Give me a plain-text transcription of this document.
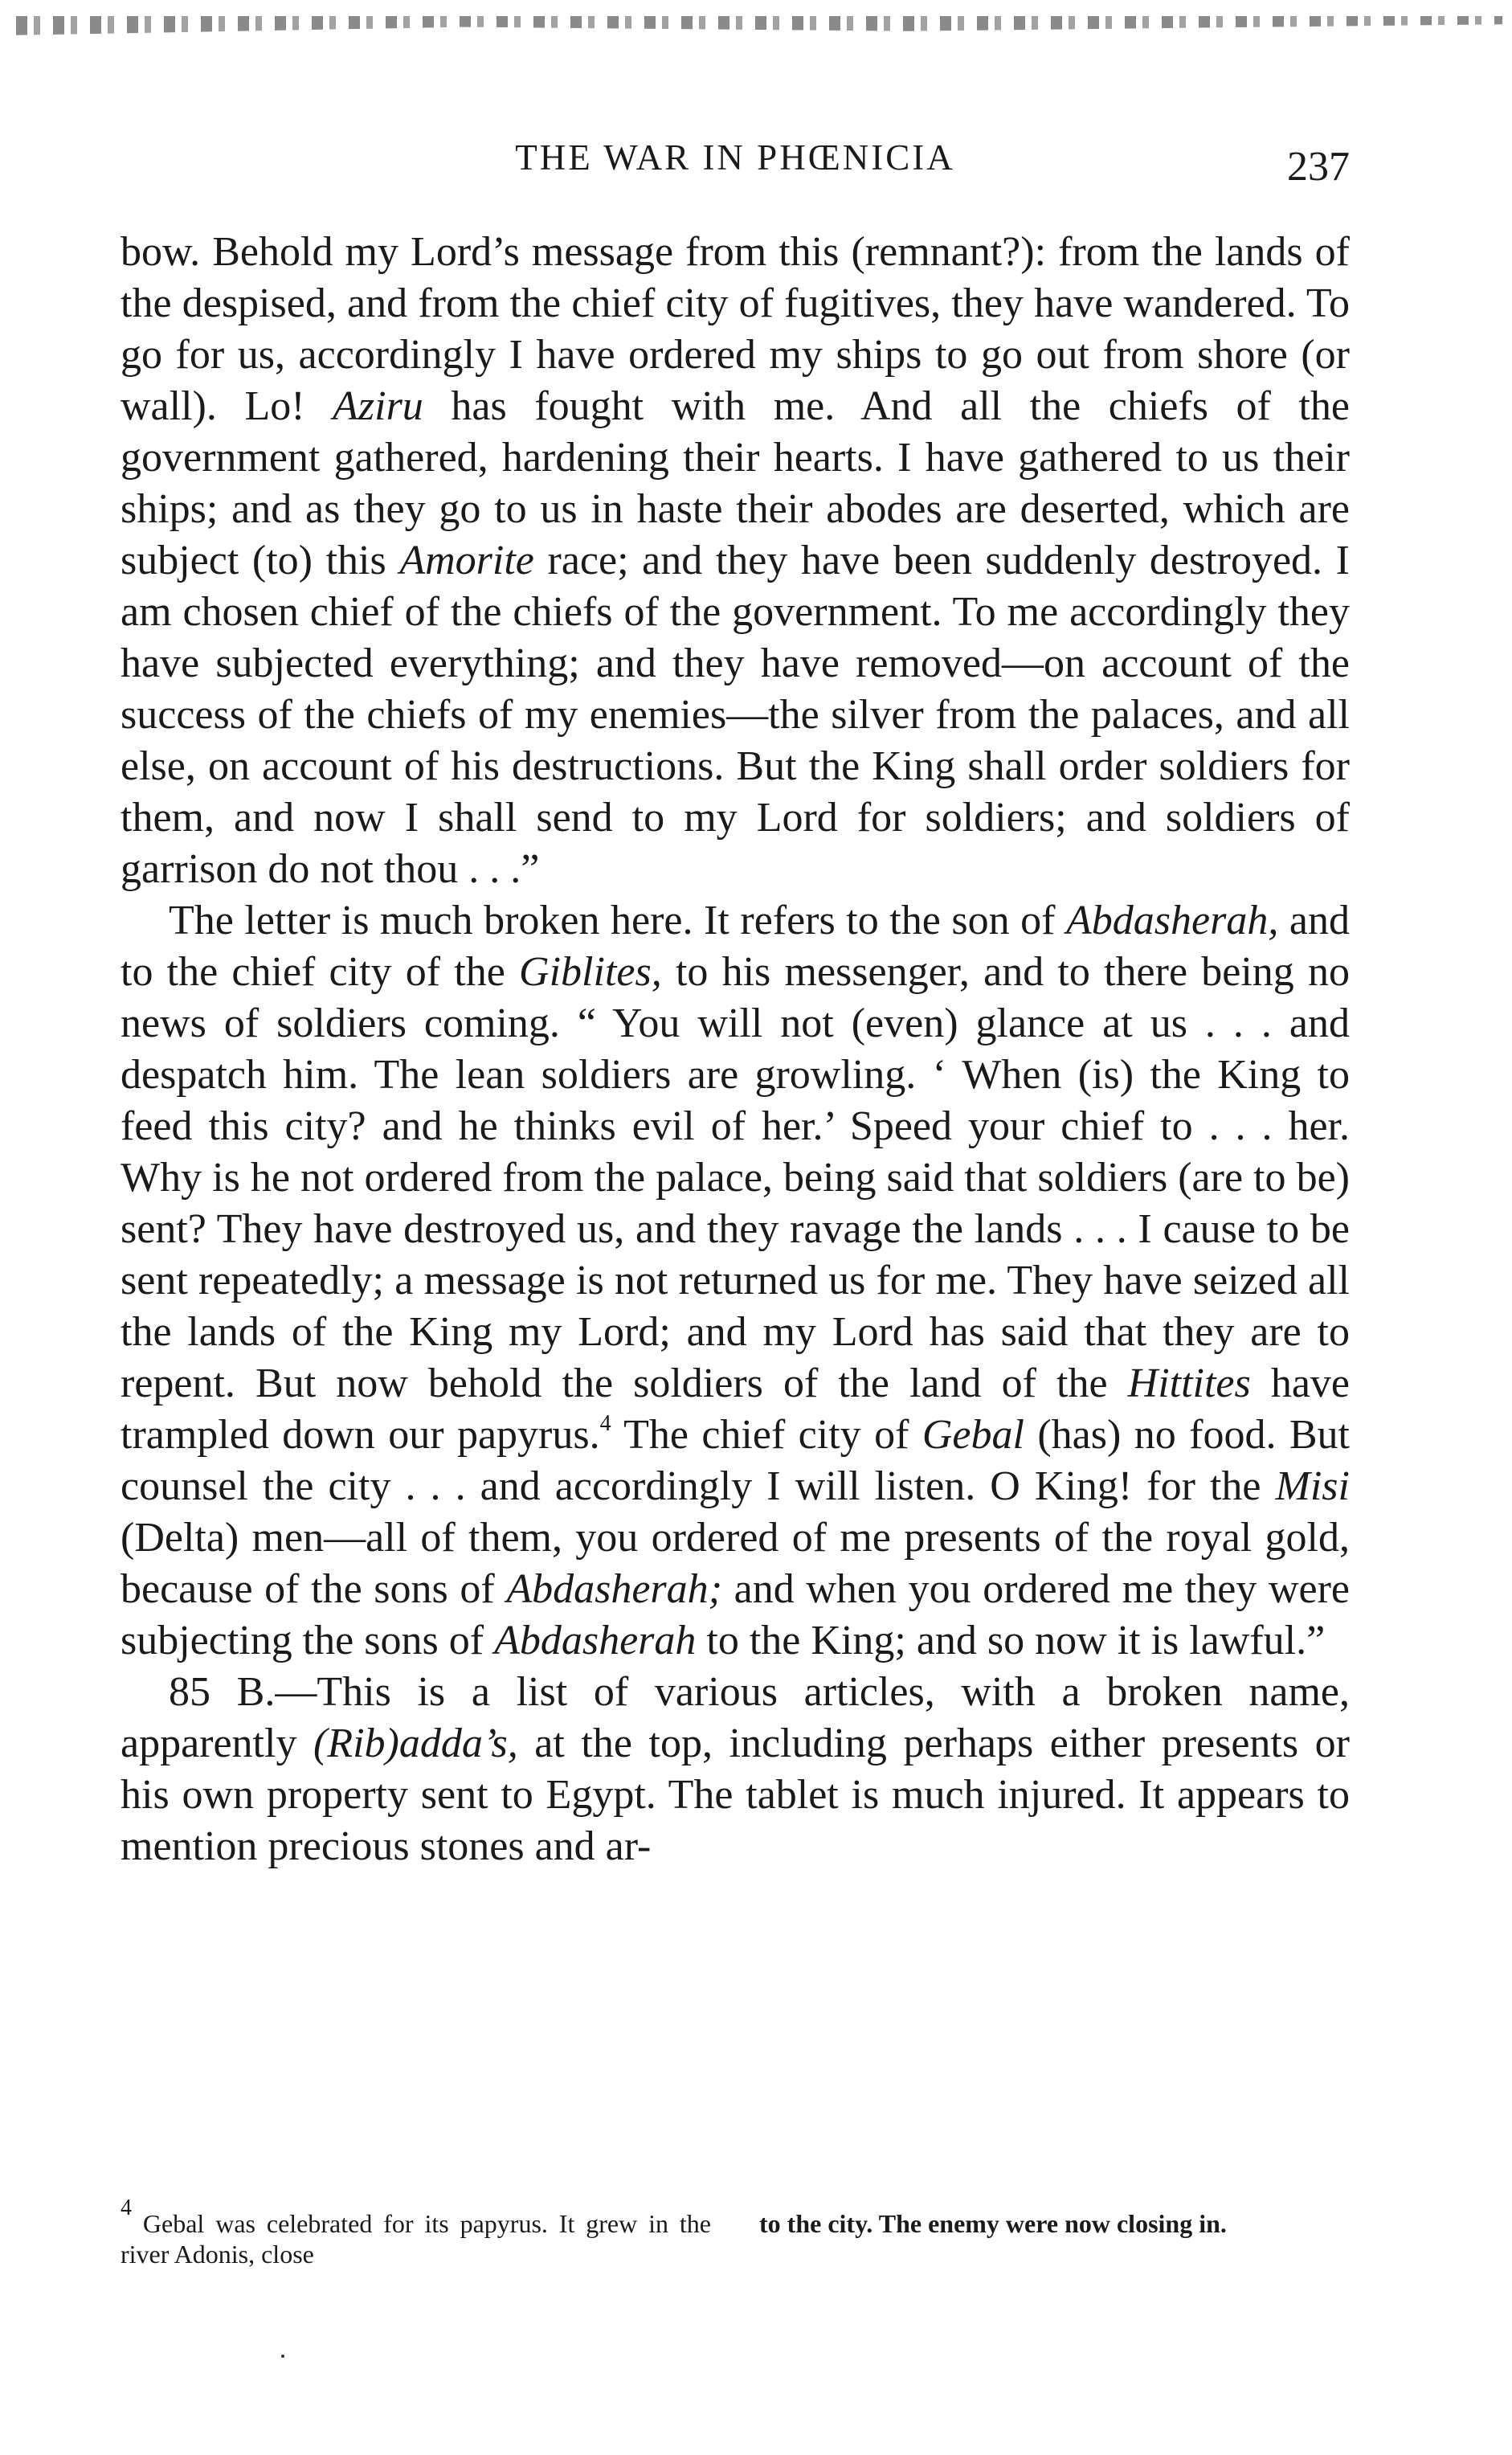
THE WAR IN PHŒNICIA	237

bow. Behold my Lord’s message from this (remnant?): from the lands of the despised, and from the chief city of fugitives, they have wandered. To go for us, accordingly I have ordered my ships to go out from shore (or wall). Lo! Aziru has fought with me. And all the chiefs of the government gathered, hardening their hearts. I have gathered to us their ships; and as they go to us in haste their abodes are deserted, which are subject (to) this Amorite race; and they have been suddenly destroyed. I am chosen chief of the chiefs of the government. To me accordingly they have subjected everything; and they have removed—on account of the success of the chiefs of my enemies—the silver from the palaces, and all else, on account of his destructions. But the King shall order soldiers for them, and now I shall send to my Lord for soldiers; and soldiers of garrison do not thou . . .”

The letter is much broken here. It refers to the son of Abdasherah, and to the chief city of the Giblites, to his messenger, and to there being no news of soldiers coming. “ You will not (even) glance at us . . . and despatch him. The lean soldiers are growling. ‘ When (is) the King to feed this city? and he thinks evil of her.’ Speed your chief to . . . her. Why is he not ordered from the palace, being said that soldiers (are to be) sent? They have destroyed us, and they ravage the lands . . . I cause to be sent repeatedly; a message is not returned us for me. They have seized all the lands of the King my Lord; and my Lord has said that they are to repent. But now behold the soldiers of the land of the Hittites have trampled down our papyrus.$^4$ The chief city of Gebal (has) no food. But counsel the city . . . and accordingly I will listen. O King! for the Misi (Delta) men—all of them, you ordered of me presents of the royal gold, because of the sons of Abdasherah; and when you ordered me they were subjecting the sons of Abdasherah to the King; and so now it is lawful.”

85 B.—This is a list of various articles, with a broken name, apparently (Rib)adda’s, at the top, including perhaps either presents or his own property sent to Egypt. The tablet is much injured. It appears to mention precious stones and ar-

$^4$ Gebal was celebrated for its papyrus. It grew in the river Adonis, close
to the city. The enemy were now closing in.
